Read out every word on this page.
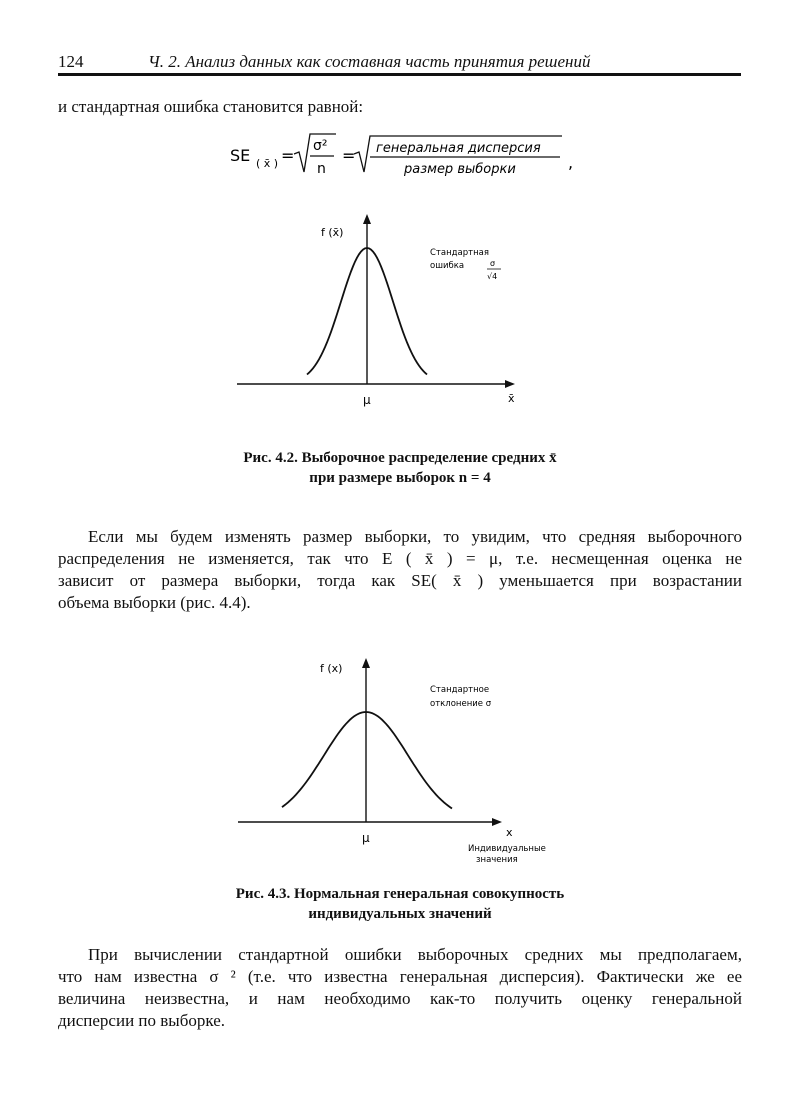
124	Ч. 2. Анализ данных как составная часть принятия решений
и стандартная ошибка становится равной:
SE ( x̄ ) = σ²
n
= генеральная дисперсия
размер выборки	,
f (x̄)
μ	x̄
Стандартная
ошибка	σ
√4
Рис. 4.2. Выборочное распределение средних x̄
при размере выборок n = 4
Если мы будем изменять размер выборки, то увидим, что средняя выборочного
распределения не изменяется, так что E ( x̄ ) = μ, т.е. несмещенная оценка не
зависит от размера выборки, тогда как SE( x̄ ) уменьшается при возрастании
объема выборки (рис. 4.4).
f (x)
μ	x
Индивидуальные
значения
Стандартное
отклонение σ
Рис. 4.3. Нормальная генеральная совокупность
индивидуальных значений
При вычислении стандартной ошибки выборочных средних мы предполагаем,
что нам известна σ ² (т.е. что известна генеральная дисперсия). Фактически же ее
величина неизвестна, и нам необходимо как-то получить оценку генеральной
дисперсии по выборке.
